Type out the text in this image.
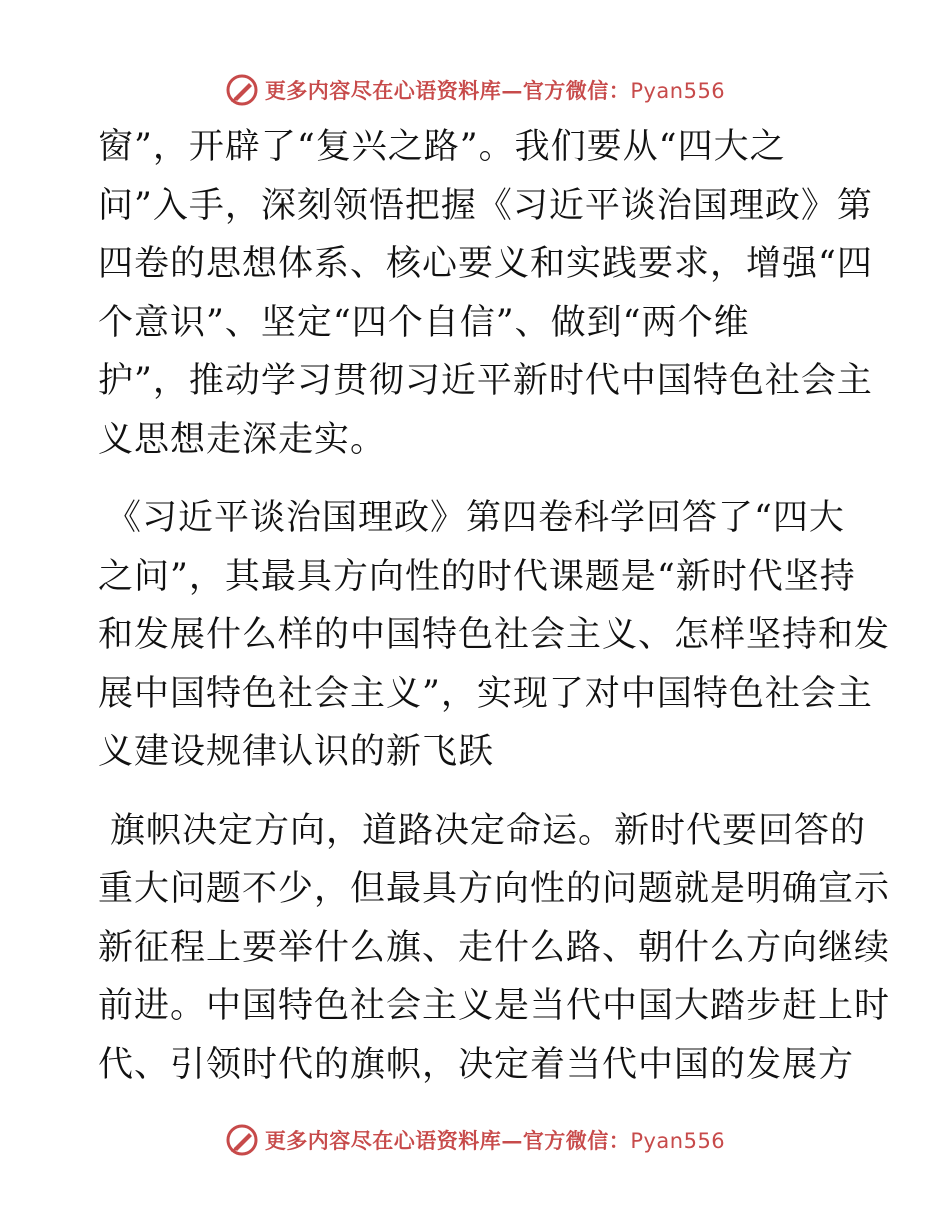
更多内容尽在心语资料库—官方微信：Pyan556
窗”，开辟了“复兴之路”。我们要从“四大之
问”入手，深刻领悟把握《习近平谈治国理政》第
四卷的思想体系、核心要义和实践要求，增强“四
个意识”、坚定“四个自信”、做到“两个维
护”，推动学习贯彻习近平新时代中国特色社会主
义思想走深走实。
《习近平谈治国理政》第四卷科学回答了“四大
之问”，其最具方向性的时代课题是“新时代坚持
和发展什么样的中国特色社会主义、怎样坚持和发
展中国特色社会主义”，实现了对中国特色社会主
义建设规律认识的新飞跃
旗帜决定方向，道路决定命运。新时代要回答的
重大问题不少，但最具方向性的问题就是明确宣示
新征程上要举什么旗、走什么路、朝什么方向继续
前进。中国特色社会主义是当代中国大踏步赶上时
代、引领时代的旗帜，决定着当代中国的发展方
更多内容尽在心语资料库—官方微信：Pyan556
